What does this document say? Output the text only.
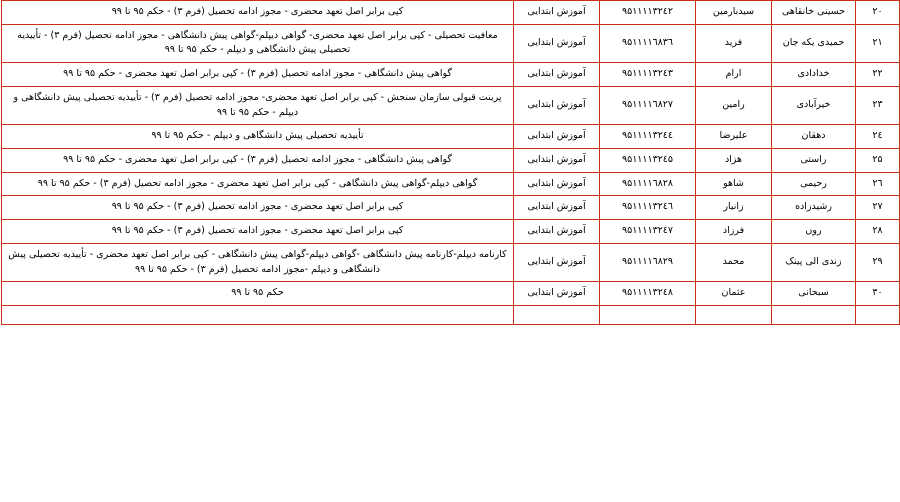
۲۰	حسینی خانقاهی	سیدبارمین	۹۵۱۱۱۱۳۲٤۲	آموزش ابتدایی	کپی برابر اصل تعهد محضری - مجوز ادامه تحصیل (فرم ۳) - حکم ۹۵ تا ۹۹
۲۱	حمیدی یکه جان	فرید	۹۵۱۱۱۱٦۸۳٦	آموزش ابتدایی	معافیت تحصیلی - کپی برابر اصل تعهد محضری- گواهی دیپلم-گواهی پیش دانشگاهی - مجوز ادامه تحصیل (فرم ۳) - تأییدیه تحصیلی پیش دانشگاهی و دیپلم - حکم ۹۵ تا ۹۹
۲۲	خدادادی	ارام	۹۵۱۱۱۱۳۲٤۳	آموزش ابتدایی	گواهی پیش دانشگاهی - مجوز ادامه تحصیل (فرم ۳) - کپی برابر اصل تعهد محضری - حکم ۹۵ تا ۹۹
۲۳	خیرآبادی	رامین	۹۵۱۱۱۱٦۸۲۷	آموزش ابتدایی	پرینت قبولی سازمان سنجش - کپی برابر اصل تعهد محضری- مجوز ادامه تحصیل (فرم ۳) - تأییدیه تحصیلی پیش دانشگاهی و دیپلم - حکم ۹۵ تا ۹۹
۲٤	دهقان	علیرضا	۹۵۱۱۱۱۳۲٤٤	آموزش ابتدایی	تأییدیه تحصیلی پیش دانشگاهی و دیپلم - حکم ۹۵ تا ۹۹
۲۵	راستی	هزاد	۹۵۱۱۱۱۳۲٤۵	آموزش ابتدایی	گواهی پیش دانشگاهی - مجوز ادامه تحصیل (فرم ۳) - کپی برابر اصل تعهد محضری - حکم ۹۵ تا ۹۹
۲٦	رحیمی	شاهو	۹۵۱۱۱۱٦۸۲۸	آموزش ابتدایی	گواهی دیپلم-گواهی پیش دانشگاهی - کپی برابر اصل تعهد محضری - مجوز ادامه تحصیل (فرم ۳) - حکم ۹۵ تا ۹۹
۲۷	رشیدزاده	زانیار	۹۵۱۱۱۱۳۲٤٦	آموزش ابتدایی	کپی برابر اصل تعهد محضری - مجوز ادامه تحصیل (فرم ۳) - حکم ۹۵ تا ۹۹
۲۸	روں	فرزاد	۹۵۱۱۱۱۳۲٤۷	آموزش ابتدایی	کپی برابر اصل تعهد محضری - مجوز ادامه تحصیل (فرم ۳) - حکم ۹۵ تا ۹۹
۲۹	زندی الی پینک	محمد	۹۵۱۱۱۱٦۸۲۹	آموزش ابتدایی	کارنامه دیپلم-کارنامه پیش دانشگاهی -گواهی دیپلم-گواهی پیش دانشگاهی - کپی برابر اصل تعهد محضری - تأییدیه تحصیلی پیش دانشگاهی و دیپلم -مجوز ادامه تحصیل (فرم ۳) - حکم ۹۵ تا ۹۹
۳۰	سبحانی	عثمان	۹۵۱۱۱۱۳۲٤۸	آموزش ابتدایی	حکم ۹۵ تا ۹۹
